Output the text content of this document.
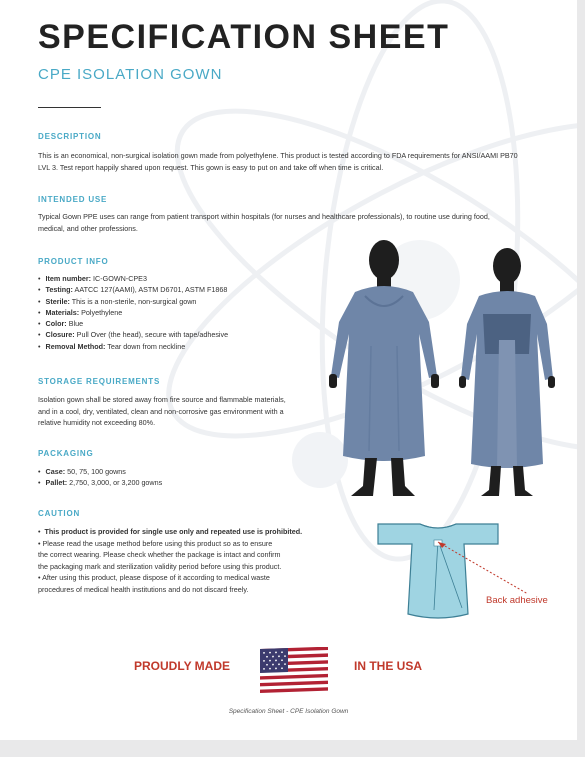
SPECIFICATION SHEET
CPE ISOLATION GOWN
DESCRIPTION
This is an economical, non-surgical isolation gown made from polyethylene. This product is tested according to FDA requirements for ANSI/AAMI PB70
LVL 3. Test report happily shared upon request. This gown is easy to put on and take off when time is critical.
INTENDED USE
Typical Gown PPE uses can range from patient transport within hospitals (for nurses and healthcare professionals), to routine use during food,
medical, and other professions.
PRODUCT INFO
• Item number: IC-GOWN-CPE3
• Testing: AATCC 127(AAMI), ASTM D6701, ASTM F1868
• Sterile: This is a non-sterile, non-surgical gown
• Materials: Polyethylene
• Color: Blue
• Closure: Pull Over (the head), secure with tape/adhesive
• Removal Method: Tear down from neckline
STORAGE REQUIREMENTS
Isolation gown shall be stored away from fire source and flammable materials,
and in a cool, dry, ventilated, clean and non-corrosive gas environment with a
relative humidity not exceeding 80%.
PACKAGING
• Case: 50, 75, 100 gowns
• Pallet: 2,750, 3,000, or 3,200 gowns
CAUTION
• This product is provided for single use only and repeated use is prohibited.
• Please read the usage method before using this product so as to ensure
the correct wearing. Please check whether the package is intact and confirm
the packaging mark and sterilization validity period before using this product.
• After using this product, please dispose of it according to medical waste
procedures of medical health institutions and do not discard freely.
Back adhesive
PROUDLY MADE	IN THE USA
Specification Sheet - CPE Isolation Gown
